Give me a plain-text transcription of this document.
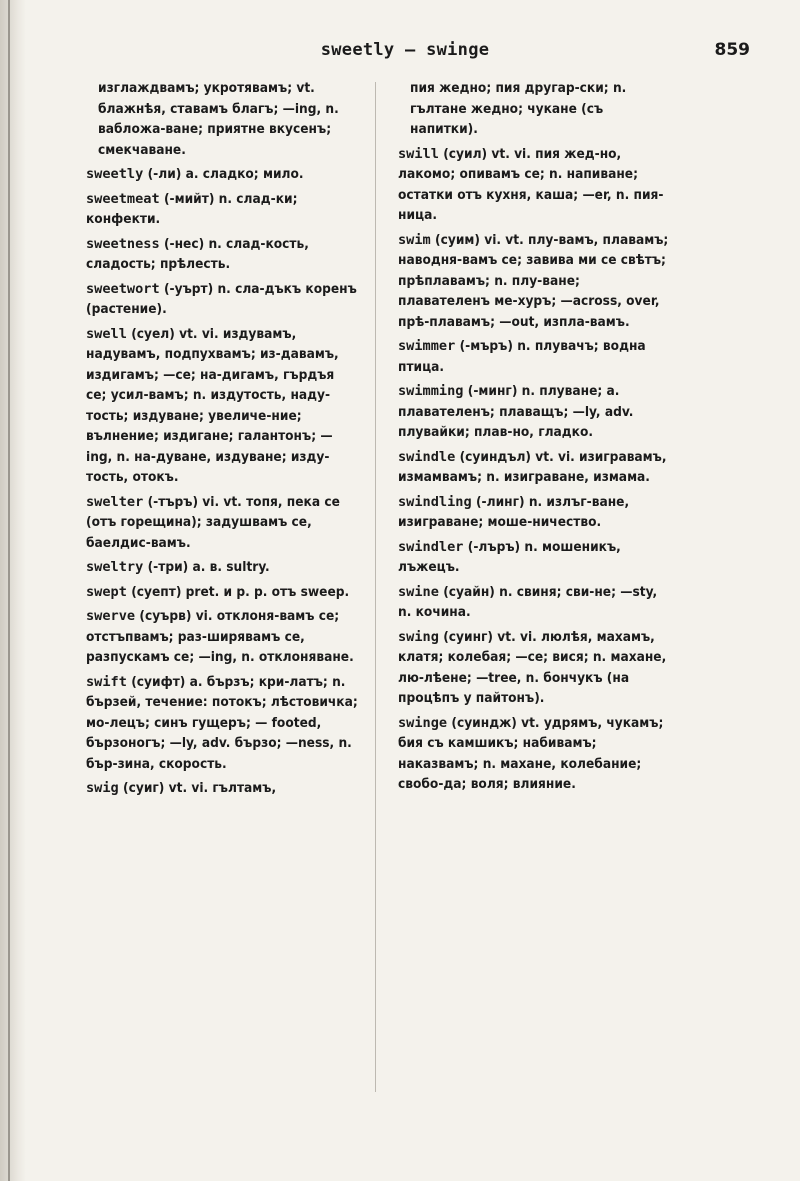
sweetly — swinge	859
изглаждвамъ; укротявамъ; vt. блажнѣя, ставамъ благъ; —ing, n. вабложа-ване; приятне вкусенъ; смекчаване.
sweetly (-ли) a. сладко; мило.
sweetmeat (-мийт) n. слад-ки; конфекти.
sweetness (-нес) n. слад-кость, сладость; прѣлесть.
sweetwort (-уърт) n. сла-дъкъ коренъ (растение).
swell (суел) vt. vi. издувамъ, надувамъ, подпухвамъ; из-давамъ, издигамъ; —се; на-дигамъ, гърдъя се; усил-вамъ; n. издутость, наду-тость; издуване; увеличе-ние; вълнение; издигане; галантонъ; —ing, n. на-дуване, издуване; изду-тость, отокъ.
swelter (-търъ) vi. vt. топя, пека се (отъ горещина); задушвамъ се, баелдис-вамъ.
sweltry (-три) a. в. sultry.
swept (суепт) pret. и p. p. отъ sweep.
swerve (суърв) vi. отклоня-вамъ се; отстъпвамъ; раз-ширявамъ се, разпускамъ се; —ing, n. отклоняване.
swift (суифт) a. бързъ; кри-латъ; n. бързей, течение: потокъ; лѣстовичка; мо-лецъ; синъ гущеръ; — footed, бързоногъ; —ly, adv. бързо; —ness, n. бър-зина, скорость.
swig (суиг) vt. vi. гълтамъ,
пия жедно; пия другар-ски; n. гълтане жедно; чукане (съ напитки).
swill (суил) vt. vi. пия жед-но, лакомо; опивамъ се; n. напиване; остатки отъ кухня, каша; —er, n. пия-ница.
swim (суим) vi. vt. плу-вамъ, плавамъ; наводня-вамъ се; завива ми се свѣтъ; прѣплавамъ; n. плу-ване; плавателенъ ме-хуръ; —across, over, прѣ-плавамъ; —out, изпла-вамъ.
swimmer (-мъръ) n. плувачъ; водна птица.
swimming (-минг) n. плуване; a. плавателенъ; плаващъ; —ly, adv. плувайки; плав-но, гладко.
swindle (суиндъл) vt. vi. изигравамъ, измамвамъ; n. изиграване, измама.
swindling (-линг) n. излъг-ване, изиграване; моше-ничество.
swindler (-лъръ) n. мошеникъ, лъжецъ.
swine (суайн) n. свиня; сви-не; —sty, n. кочина.
swing (суинг) vt. vi. люлѣя, махамъ, клатя; колебая; —се; вися; n. махане, лю-лѣене; —tree, n. бончукъ (на процѣпъ у пайтонъ).
swinge (суиндж) vt. удрямъ, чукамъ; бия съ камшикъ; набивамъ; наказвамъ; n. махане, колебание; свобо-да; воля; влияние.
